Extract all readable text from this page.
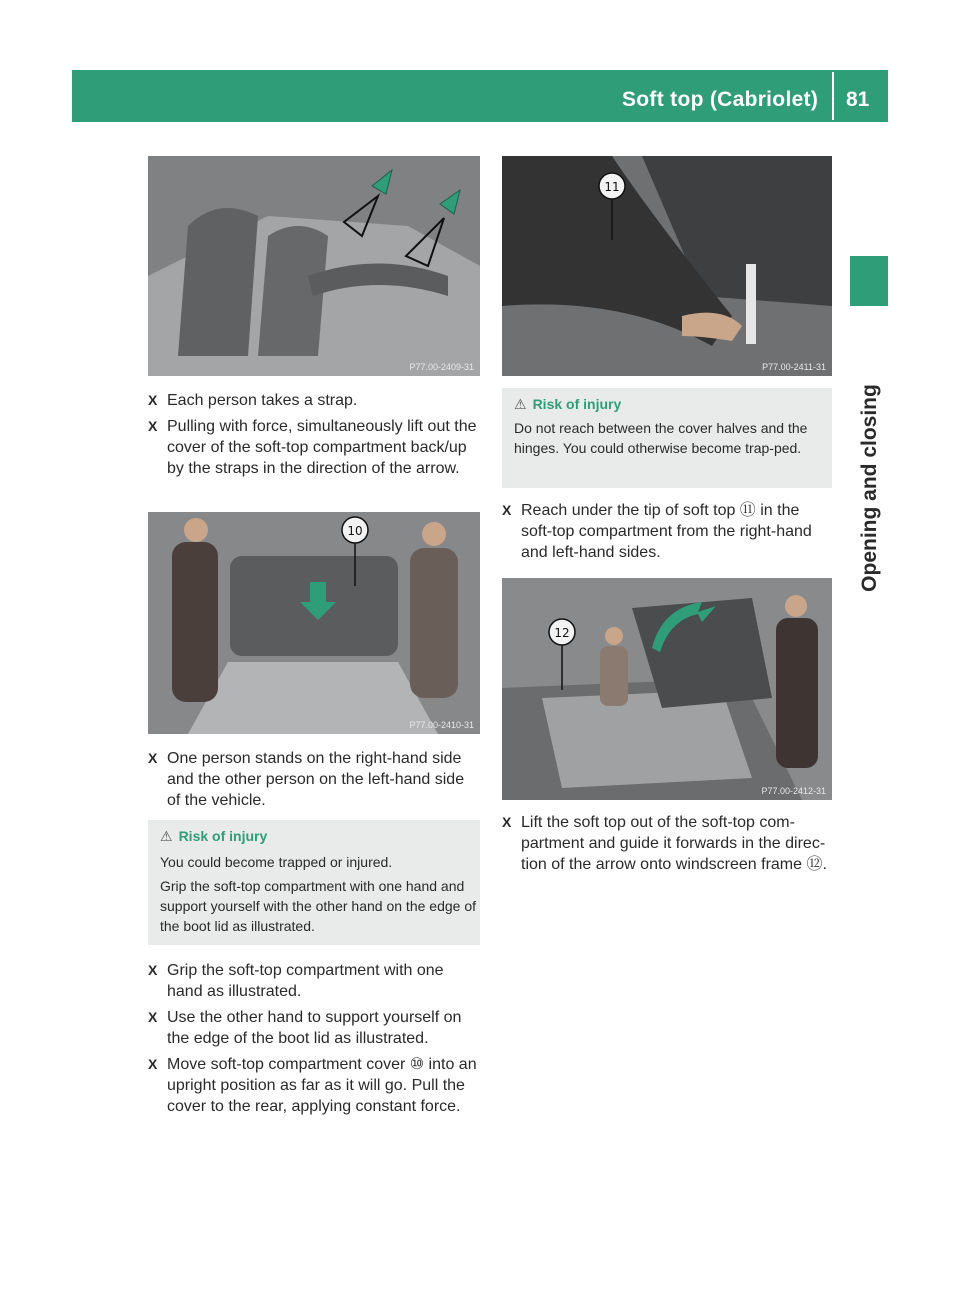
Soft top (Cabriolet) 81
Opening and closing
P77.00-2409-31
X Each person takes a strap.
X Pulling with force, simultaneously lift out the cover of the soft-top compartment back/up by the straps in the direction of the arrow.
10
P77.00-2410-31
X One person stands on the right-hand side and the other person on the left-hand side of the vehicle.
⚠ Risk of injury
You could become trapped or injured.
Grip the soft-top compartment with one hand and support yourself with the other hand on the edge of the boot lid as illustrated.
X Grip the soft-top compartment with one hand as illustrated.
X Use the other hand to support yourself on the edge of the boot lid as illustrated.
X Move soft-top compartment cover ⑩ into an upright position as far as it will go. Pull the cover to the rear, applying constant force.
11
P77.00-2411-31
⚠ Risk of injury
Do not reach between the cover halves and the hinges. You could otherwise become trap-ped.
X Reach under the tip of soft top ⑪ in the soft-top compartment from the right-hand and left-hand sides.
12
P77.00-2412-31
X Lift the soft top out of the soft-top com-partment and guide it forwards in the direc-tion of the arrow onto windscreen frame ⑫.
